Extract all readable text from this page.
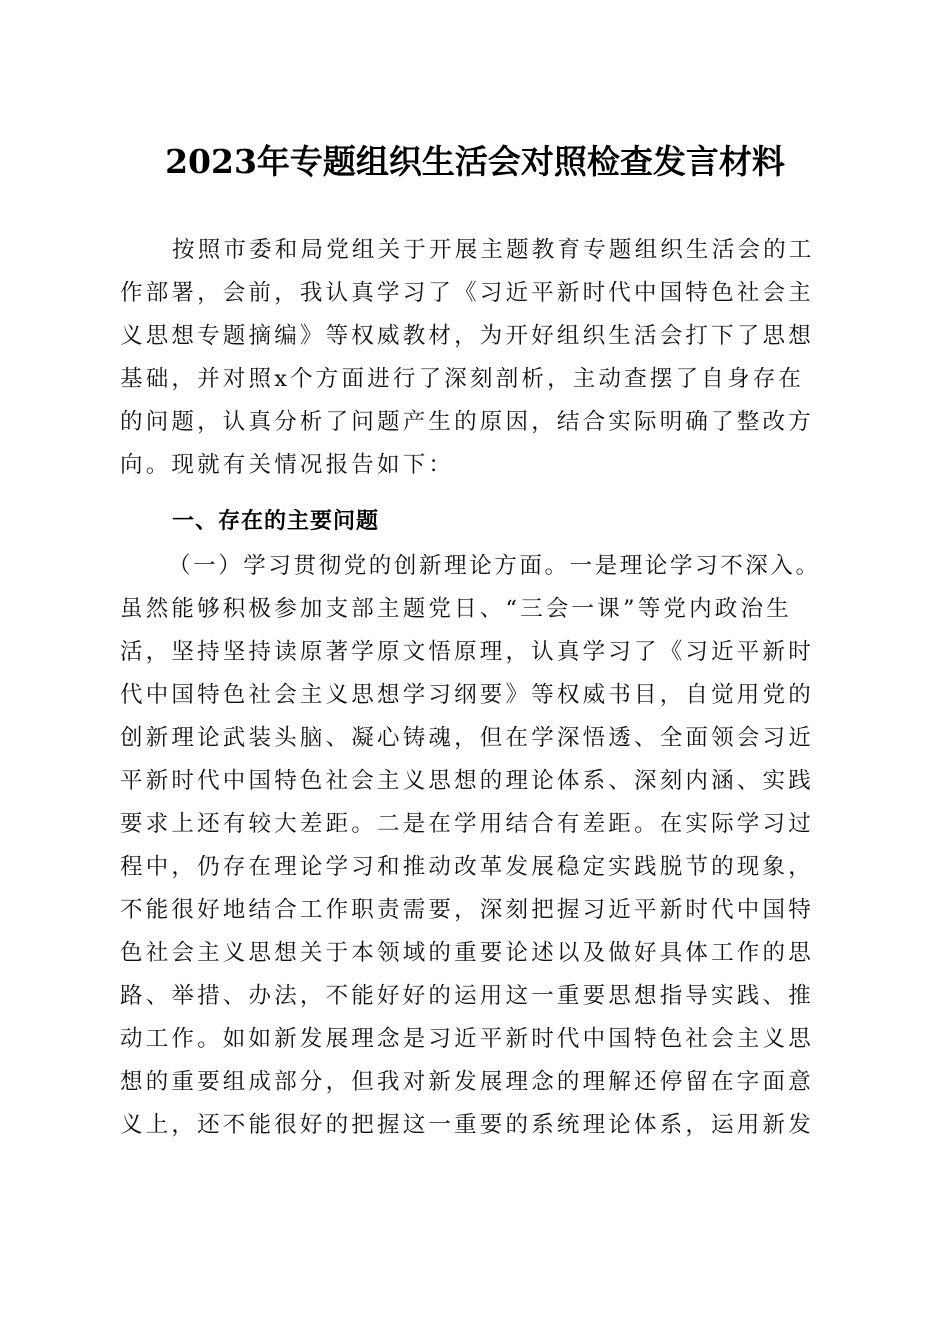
2023年专题组织生活会对照检查发言材料
按照市委和局党组关于开展主题教育专题组织生活会的工
作部署，会前，我认真学习了《习近平新时代中国特色社会主
义思想专题摘编》等权威教材，为开好组织生活会打下了思想
基础，并对照x个方面进行了深刻剖析，主动查摆了自身存在
的问题，认真分析了问题产生的原因，结合实际明确了整改方
向。现就有关情况报告如下：
一、存在的主要问题
（一）学习贯彻党的创新理论方面。一是理论学习不深入。
虽然能够积极参加支部主题党日、“三会一课”等党内政治生
活，坚持坚持读原著学原文悟原理，认真学习了《习近平新时
代中国特色社会主义思想学习纲要》等权威书目，自觉用党的
创新理论武装头脑、凝心铸魂，但在学深悟透、全面领会习近
平新时代中国特色社会主义思想的理论体系、深刻内涵、实践
要求上还有较大差距。二是在学用结合有差距。在实际学习过
程中，仍存在理论学习和推动改革发展稳定实践脱节的现象，
不能很好地结合工作职责需要，深刻把握习近平新时代中国特
色社会主义思想关于本领域的重要论述以及做好具体工作的思
路、举措、办法，不能好好的运用这一重要思想指导实践、推
动工作。如如新发展理念是习近平新时代中国特色社会主义思
想的重要组成部分，但我对新发展理念的理解还停留在字面意
义上，还不能很好的把握这一重要的系统理论体系，运用新发
